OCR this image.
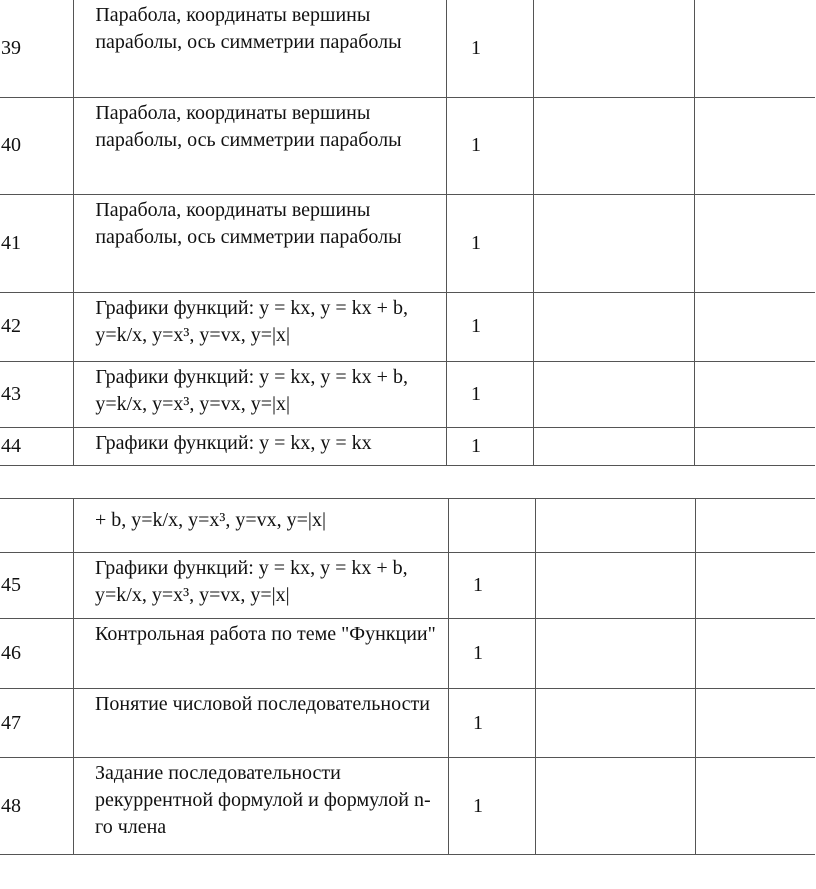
39	Парабола, координаты вершины параболы, ось симметрии параболы	1		
40	Парабола, координаты вершины параболы, ось симметрии параболы	1		
41	Парабола, координаты вершины параболы, ось симметрии параболы	1		
42	Графики функций: у = kx, у = kx + b, y=k/x, y=x³, y=vx, y=|x|	1		
43	Графики функций: у = kx, у = kx + b, y=k/x, y=x³, y=vx, y=|x|	1		
44	Графики функций: у = kx, у = kx	1		
	+ b, y=k/x, y=x³, y=vx, y=|x|			
45	Графики функций: у = kx, у = kx + b, y=k/x, y=x³, y=vx, y=|x|	1		
46	Контрольная работа по теме "Функции"	1		
47	Понятие числовой последовательности	1		
48	Задание последовательности рекуррентной формулой и формулой n-го члена	1		
